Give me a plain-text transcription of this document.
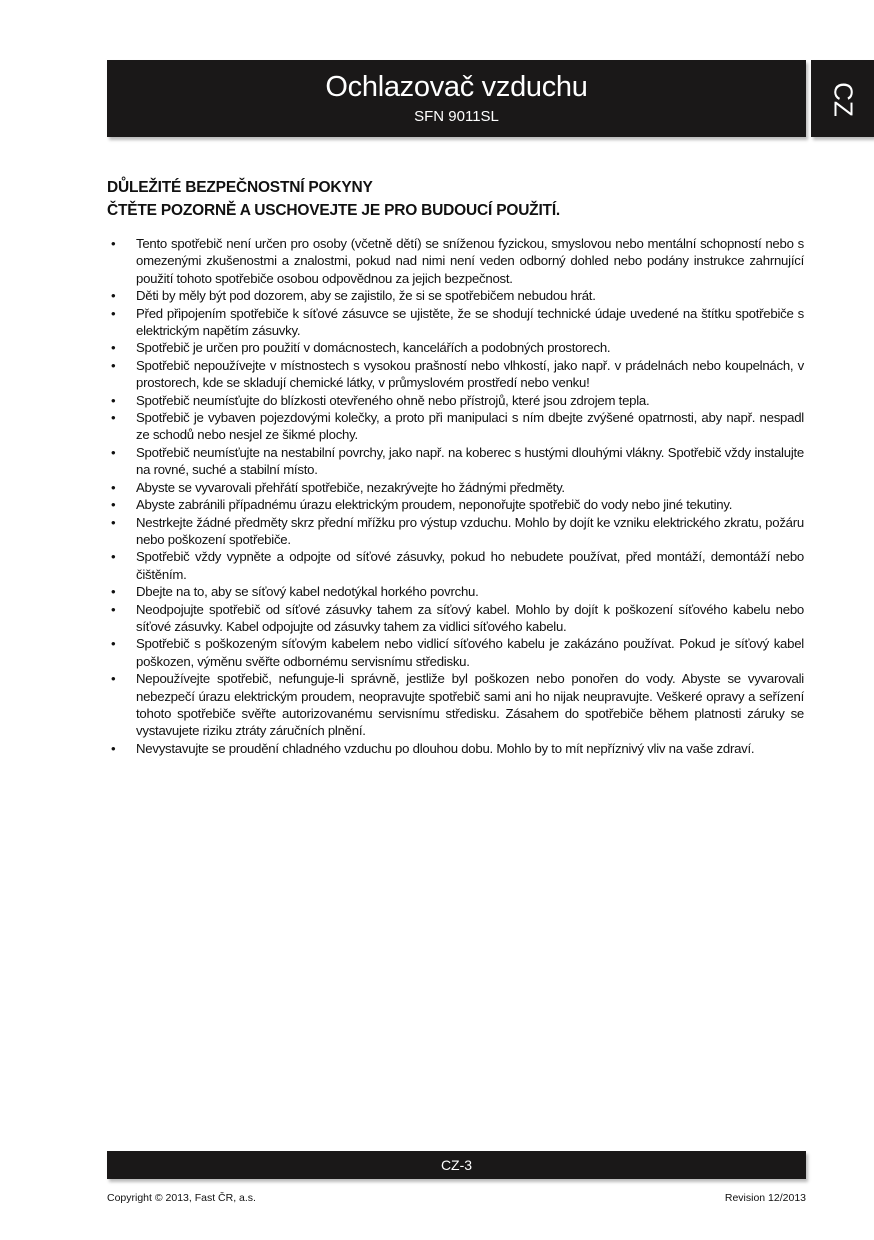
Ochlazovač vzduchu
SFN 9011SL	CZ
DŮLEŽITÉ BEZPEČNOSTNÍ POKYNY
ČTĚTE POZORNĚ A USCHOVEJTE JE PRO BUDOUCÍ POUŽITÍ.
• Tento spotřebič není určen pro osoby (včetně dětí) se sníženou fyzickou, smyslovou nebo mentální schopností nebo s omezenými zkušenostmi a znalostmi, pokud nad nimi není veden odborný dohled nebo podány instrukce zahrnující použití tohoto spotřebiče osobou odpovědnou za jejich bezpečnost.
• Děti by měly být pod dozorem, aby se zajistilo, že si se spotřebičem nebudou hrát.
• Před připojením spotřebiče k síťové zásuvce se ujistěte, že se shodují technické údaje uvedené na štítku spotřebiče s elektrickým napětím zásuvky.
• Spotřebič je určen pro použití v domácnostech, kancelářích a podobných prostorech.
• Spotřebič nepoužívejte v místnostech s vysokou prašností nebo vlhkostí, jako např. v prádelnách nebo koupelnách, v prostorech, kde se skladují chemické látky, v průmyslovém prostředí nebo venku!
• Spotřebič neumísťujte do blízkosti otevřeného ohně nebo přístrojů, které jsou zdrojem tepla.
• Spotřebič je vybaven pojezdovými kolečky, a proto při manipulaci s ním dbejte zvýšené opatrnosti, aby např. nespadl ze schodů nebo nesjel ze šikmé plochy.
• Spotřebič neumísťujte na nestabilní povrchy, jako např. na koberec s hustými dlouhými vlákny. Spotřebič vždy instalujte na rovné, suché a stabilní místo.
• Abyste se vyvarovali přehřátí spotřebiče, nezakrývejte ho žádnými předměty.
• Abyste zabránili případnému úrazu elektrickým proudem, neponořujte spotřebič do vody nebo jiné tekutiny.
• Nestrkejte žádné předměty skrz přední mřížku pro výstup vzduchu. Mohlo by dojít ke vzniku elektrického zkratu, požáru nebo poškození spotřebiče.
• Spotřebič vždy vypněte a odpojte od síťové zásuvky, pokud ho nebudete používat, před montáží, demontáží nebo čištěním.
• Dbejte na to, aby se síťový kabel nedotýkal horkého povrchu.
• Neodpojujte spotřebič od síťové zásuvky tahem za síťový kabel. Mohlo by dojít k poškození síťového kabelu nebo síťové zásuvky. Kabel odpojujte od zásuvky tahem za vidlici síťového kabelu.
• Spotřebič s poškozeným síťovým kabelem nebo vidlicí síťového kabelu je zakázáno používat. Pokud je síťový kabel poškozen, výměnu svěřte odbornému servisnímu středisku.
• Nepoužívejte spotřebič, nefunguje-li správně, jestliže byl poškozen nebo ponořen do vody. Abyste se vyvarovali nebezpečí úrazu elektrickým proudem, neopravujte spotřebič sami ani ho nijak neupravujte. Veškeré opravy a seřízení tohoto spotřebiče svěřte autorizovanému servisnímu středisku. Zásahem do spotřebiče během platnosti záruky se vystavujete riziku ztráty záručních plnění.
• Nevystavujte se proudění chladného vzduchu po dlouhou dobu. Mohlo by to mít nepříznivý vliv na vaše zdraví.
CZ-3
Copyright © 2013, Fast ČR, a.s.	Revision 12/2013
